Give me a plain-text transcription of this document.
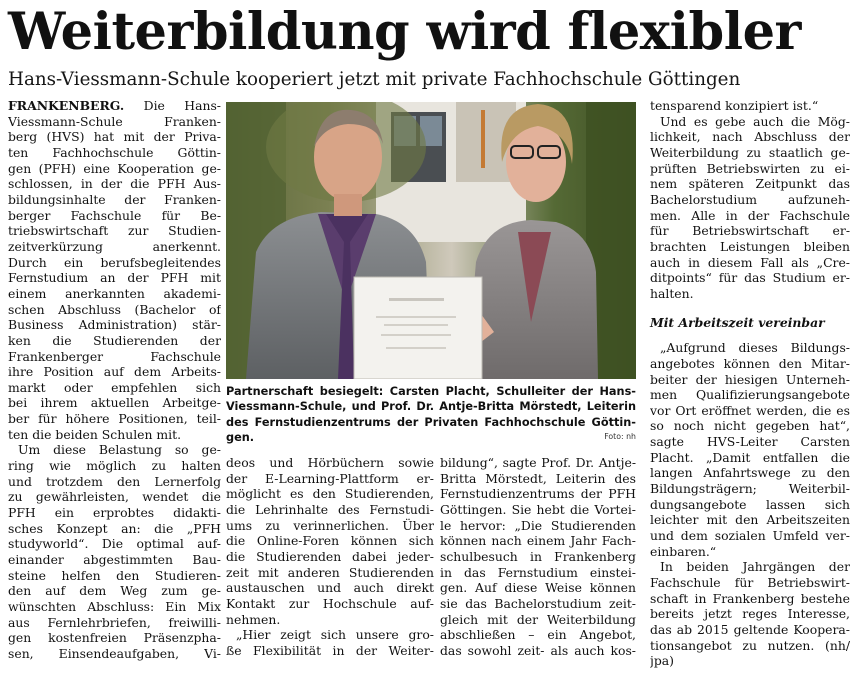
Weiterbildung wird flexibler
Hans-Viessmann-Schule kooperiert jetzt mit private Fachhochschule Göttingen
FRANKENBERG. Die Hans-
Viessmann-Schule Franken-
berg (HVS) hat mit der Priva-
ten Fachhochschule Göttin-
gen (PFH) eine Kooperation ge-
schlossen, in der die PFH Aus-
bildungsinhalte der Franken-
berger Fachschule für Be-
triebswirtschaft zur Studien-
zeitverkürzung anerkennt.
Durch ein berufsbegleitendes
Fernstudium an der PFH mit
einem anerkannten akademi-
schen Abschluss (Bachelor of
Business Administration) stär-
ken die Studierenden der
Frankenberger Fachschule
ihre Position auf dem Arbeits-
markt oder empfehlen sich
bei ihrem aktuellen Arbeitge-
ber für höhere Positionen, teil-
ten die beiden Schulen mit.
Um diese Belastung so ge-
ring wie möglich zu halten
und trotzdem den Lernerfolg
zu gewährleisten, wendet die
PFH ein erprobtes didakti-
sches Konzept an: die „PFH
studyworld“. Die optimal auf-
einander abgestimmten Bau-
steine helfen den Studieren-
den auf dem Weg zum ge-
wünschten Abschluss: Ein Mix
aus Fernlehrbriefen, freiwilli-
gen kostenfreien Präsenzpha-
sen, Einsendeaufgaben, Vi-
Partnerschaft besiegelt: Carsten Placht, Schulleiter der Hans-
Viessmann-Schule, und Prof. Dr. Antje-Britta Mörstedt, Leiterin
des Fernstudienzentrums der Privaten Fachhochschule Göttin-
gen.	Foto: nh
deos und Hörbüchern sowie
der E-Learning-Plattform er-
möglicht es den Studierenden,
die Lehrinhalte des Fernstudi-
ums zu verinnerlichen. Über
die Online-Foren können sich
die Studierenden dabei jeder-
zeit mit anderen Studierenden
austauschen und auch direkt
Kontakt zur Hochschule auf-
nehmen.
„Hier zeigt sich unsere gro-
ße Flexibilität in der Weiter-
bildung“, sagte Prof. Dr. Antje-
Britta Mörstedt, Leiterin des
Fernstudienzentrums der PFH
Göttingen. Sie hebt die Vortei-
le hervor: „Die Studierenden
können nach einem Jahr Fach-
schulbesuch in Frankenberg
in das Fernstudium einstei-
gen. Auf diese Weise können
sie das Bachelorstudium zeit-
gleich mit der Weiterbildung
abschließen – ein Angebot,
das sowohl zeit- als auch kos-
tensparend konzipiert ist.“
Und es gebe auch die Mög-
lichkeit, nach Abschluss der
Weiterbildung zu staatlich ge-
prüften Betriebswirten zu ei-
nem späteren Zeitpunkt das
Bachelorstudium aufzuneh-
men. Alle in der Fachschule
für Betriebswirtschaft er-
brachten Leistungen bleiben
auch in diesem Fall als „Cre-
ditpoints“ für das Studium er-
halten.
Mit Arbeitszeit vereinbar
„Aufgrund dieses Bildungs-
angebotes können den Mitar-
beiter der hiesigen Unterneh-
men Qualifizierungsangebote
vor Ort eröffnet werden, die es
so noch nicht gegeben hat“,
sagte HVS-Leiter Carsten
Placht. „Damit entfallen die
langen Anfahrtswege zu den
Bildungsträgern; Weiterbil-
dungsangebote lassen sich
leichter mit den Arbeitszeiten
und dem sozialen Umfeld ver-
einbaren.“
In beiden Jahrgängen der
Fachschule für Betriebswirt-
schaft in Frankenberg bestehe
bereits jetzt reges Interesse,
das ab 2015 geltende Koopera-
tionsangebot zu nutzen. (nh/
jpa)
